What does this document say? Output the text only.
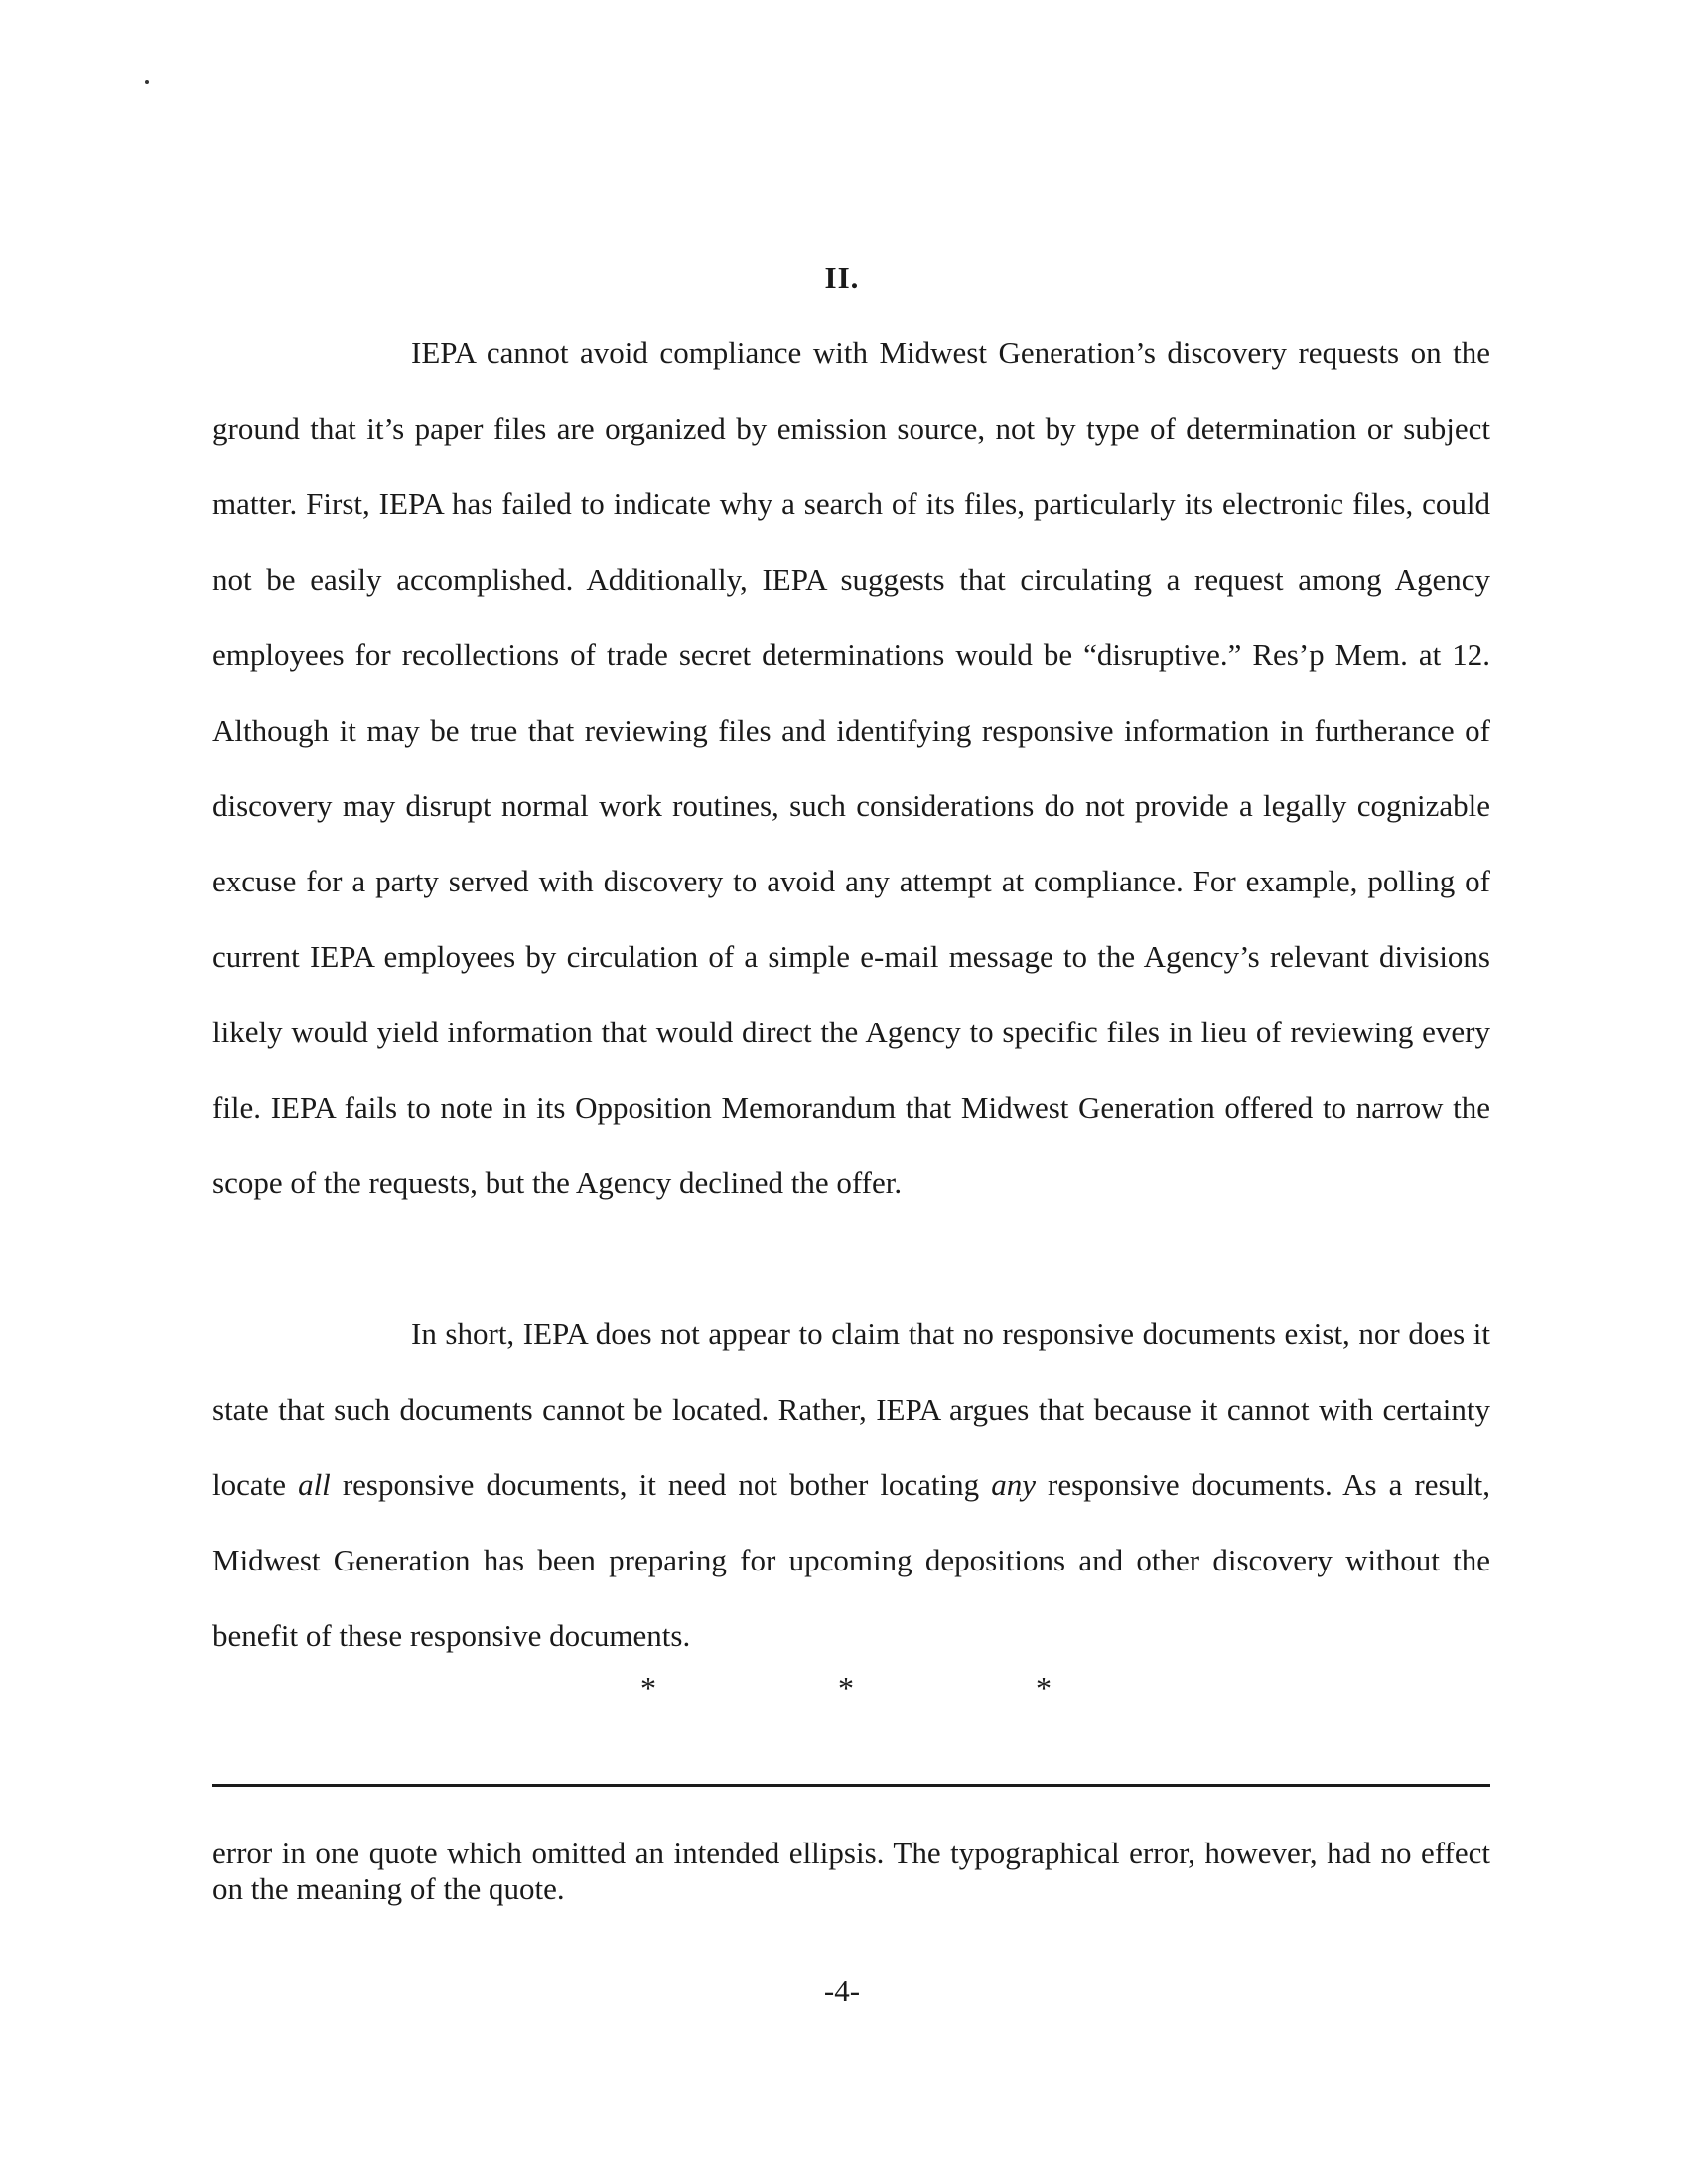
II.

IEPA cannot avoid compliance with Midwest Generation’s discovery requests on the ground that it’s paper files are organized by emission source, not by type of determination or subject matter. First, IEPA has failed to indicate why a search of its files, particularly its electronic files, could not be easily accomplished. Additionally, IEPA suggests that circulating a request among Agency employees for recollections of trade secret determinations would be “disruptive.” Res’p Mem. at 12. Although it may be true that reviewing files and identifying responsive information in furtherance of discovery may disrupt normal work routines, such considerations do not provide a legally cognizable excuse for a party served with discovery to avoid any attempt at compliance. For example, polling of current IEPA employees by circulation of a simple e-mail message to the Agency’s relevant divisions likely would yield information that would direct the Agency to specific files in lieu of reviewing every file. IEPA fails to note in its Opposition Memorandum that Midwest Generation offered to narrow the scope of the requests, but the Agency declined the offer.

In short, IEPA does not appear to claim that no responsive documents exist, nor does it state that such documents cannot be located. Rather, IEPA argues that because it cannot with certainty locate all responsive documents, it need not bother locating any responsive documents. As a result, Midwest Generation has been preparing for upcoming depositions and other discovery without the benefit of these responsive documents.

*	*	*

error in one quote which omitted an intended ellipsis. The typographical error, however, had no effect on the meaning of the quote.

-4-
